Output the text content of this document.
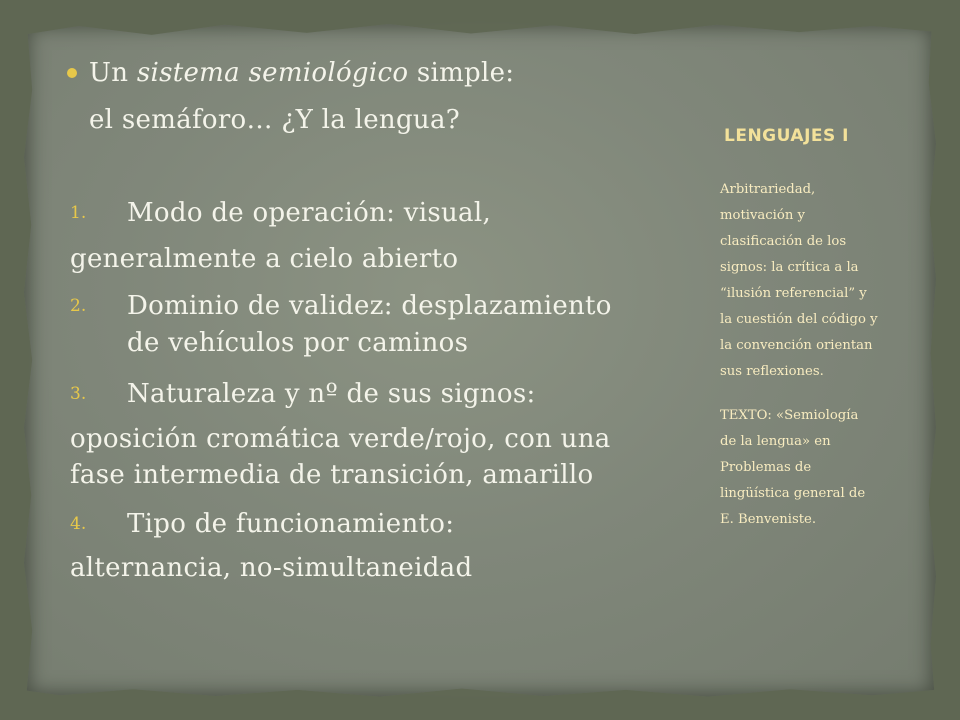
Un sistema semiológico simple:
el semáforo… ¿Y la lengua?
1. Modo de operación: visual,
generalmente a cielo abierto
2. Dominio de validez: desplazamiento
de vehículos por caminos
3. Naturaleza y nº de sus signos:
oposición cromática verde/rojo, con una
fase intermedia de transición, amarillo
4. Tipo de funcionamiento:
alternancia, no-simultaneidad
LENGUAJES I
Arbitrariedad,
motivación y
clasificación de los
signos: la crítica a la
“ilusión referencial” y
la cuestión del código y
la convención orientan
sus reflexiones.
TEXTO: «Semiología
de la lengua» en
Problemas de
lingüística general de
E. Benveniste.
